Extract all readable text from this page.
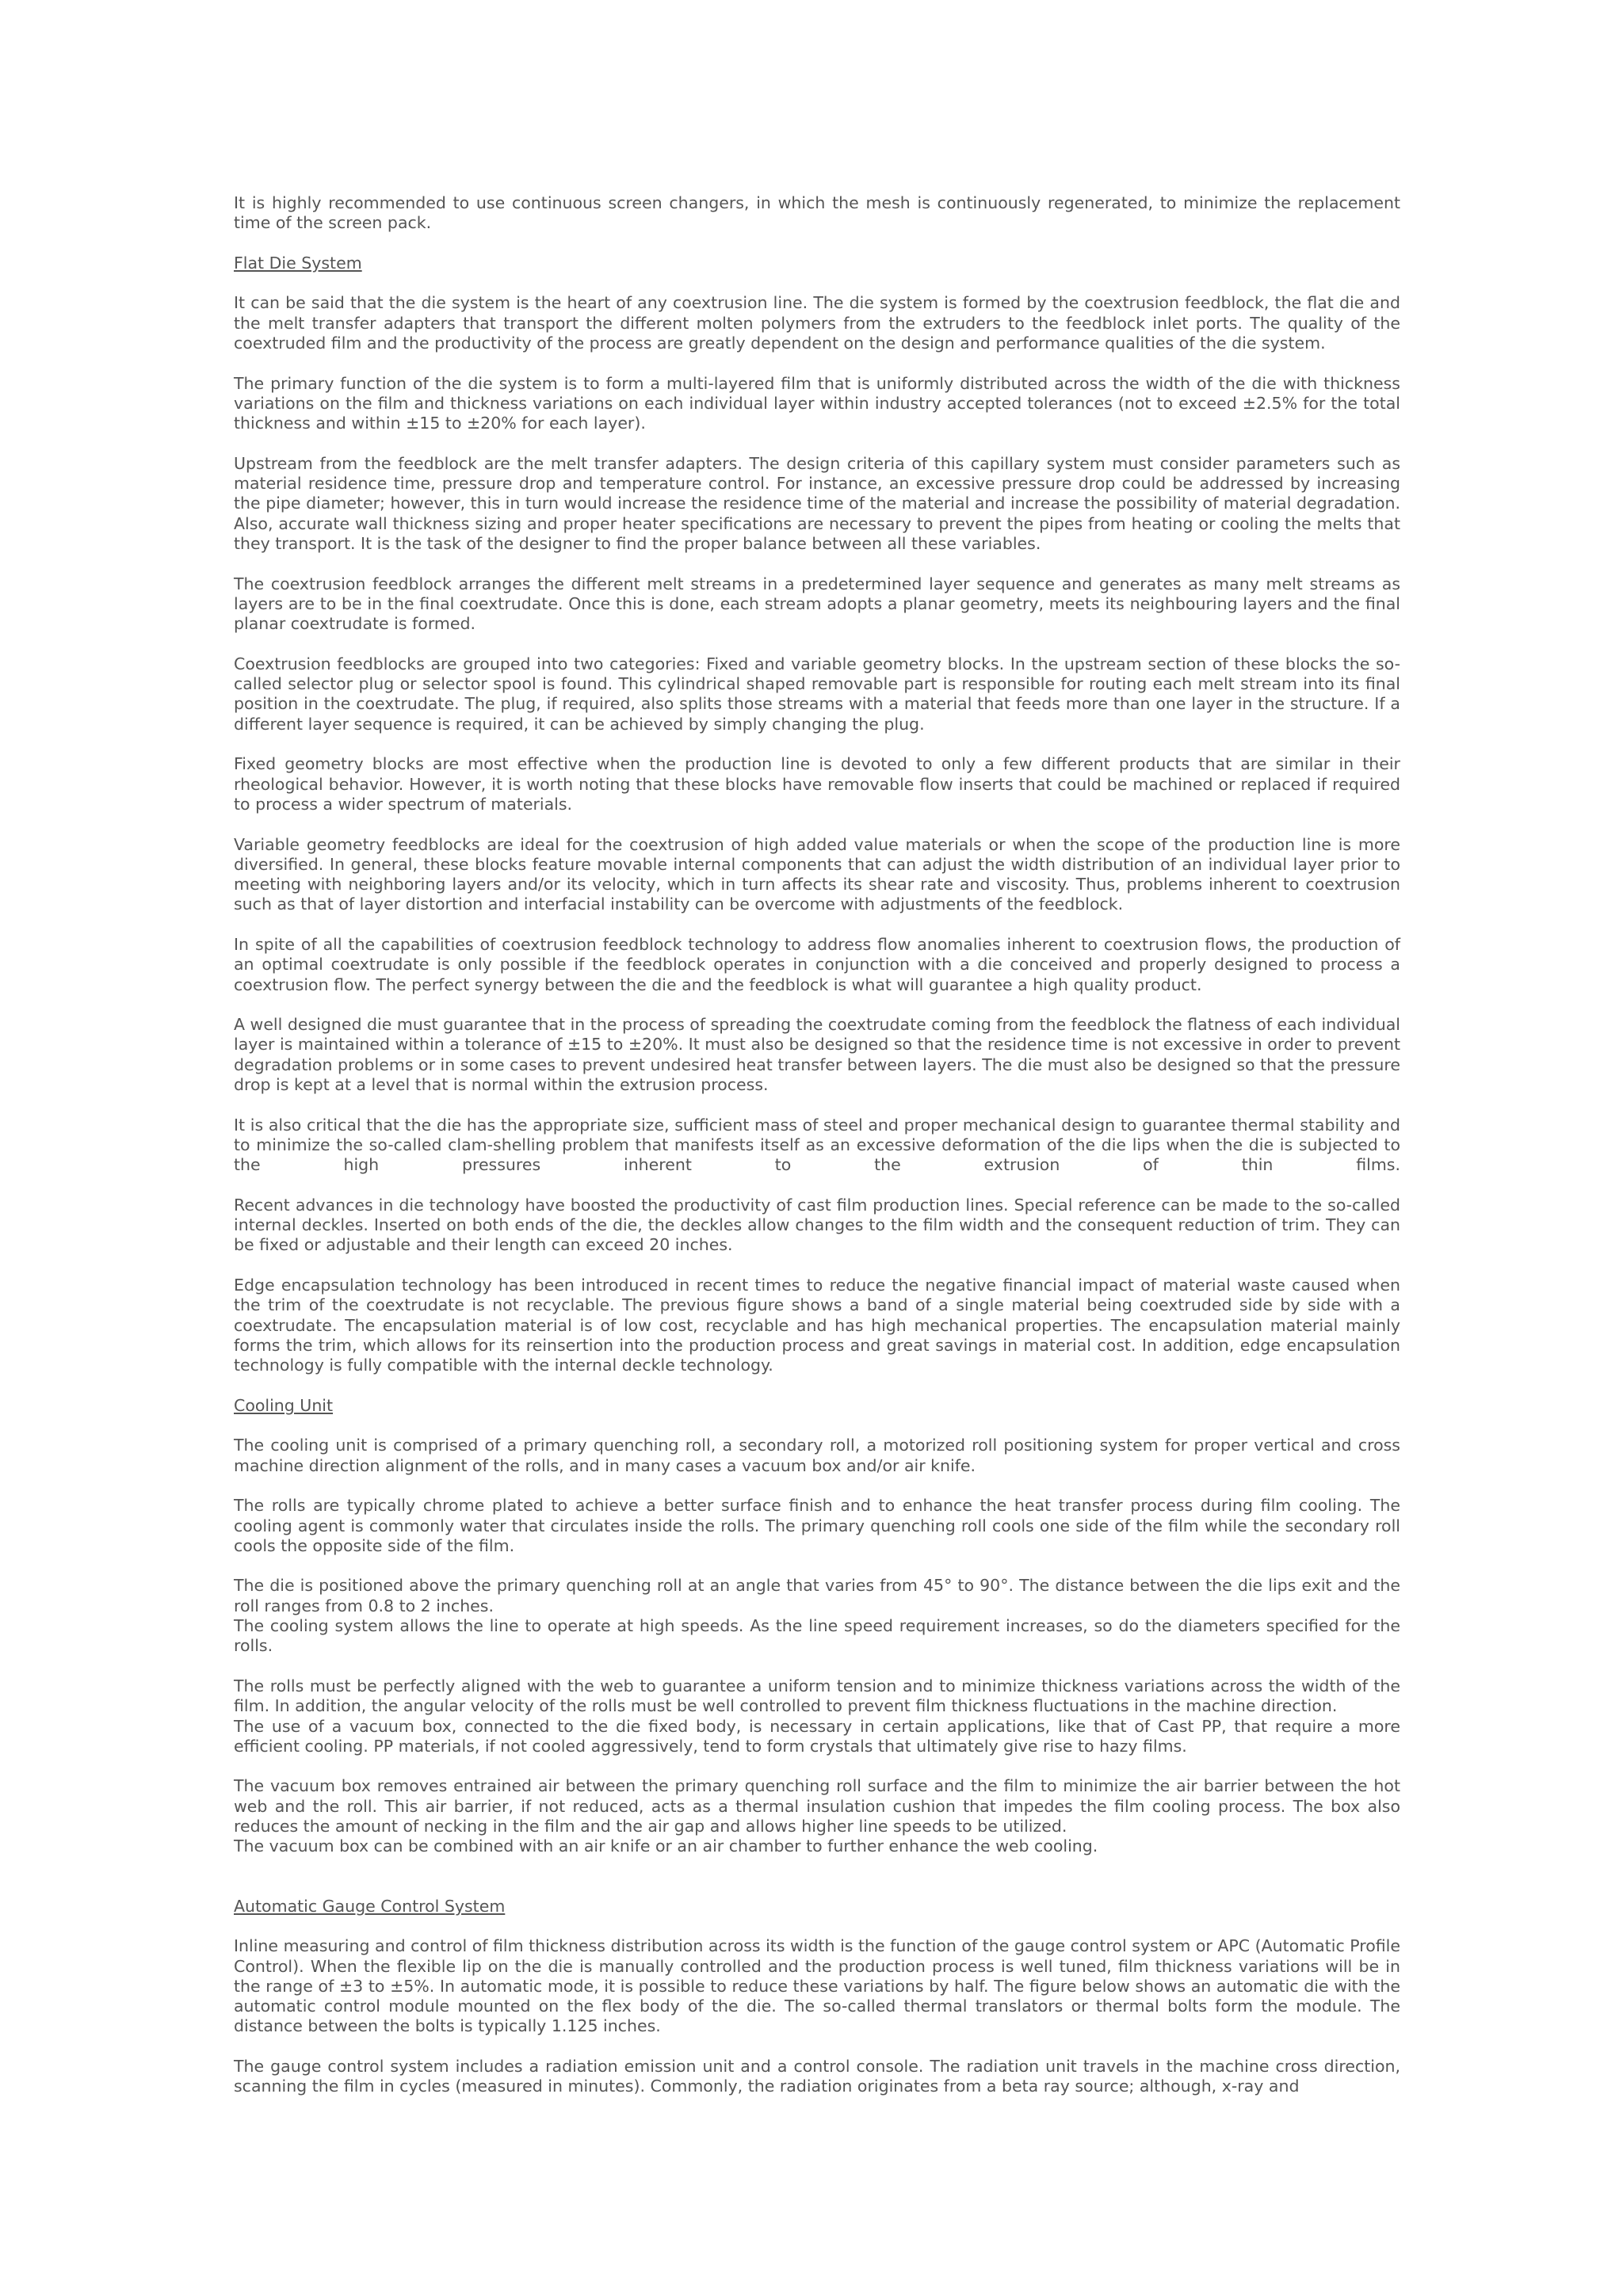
It is highly recommended to use continuous screen changers, in which the mesh is continuously regenerated, to minimize the replacement time of the screen pack.

Flat Die System

It can be said that the die system is the heart of any coextrusion line. The die system is formed by the coextrusion feedblock, the flat die and the melt transfer adapters that transport the different molten polymers from the extruders to the feedblock inlet ports. The quality of the coextruded film and the productivity of the process are greatly dependent on the design and performance qualities of the die system.

The primary function of the die system is to form a multi-layered film that is uniformly distributed across the width of the die with thickness variations on the film and thickness variations on each individual layer within industry accepted tolerances (not to exceed ±2.5% for the total thickness and within ±15 to ±20% for each layer).

Upstream from the feedblock are the melt transfer adapters. The design criteria of this capillary system must consider parameters such as material residence time, pressure drop and temperature control. For instance, an excessive pressure drop could be addressed by increasing the pipe diameter; however, this in turn would increase the residence time of the material and increase the possibility of material degradation. Also, accurate wall thickness sizing and proper heater specifications are necessary to prevent the pipes from heating or cooling the melts that they transport. It is the task of the designer to find the proper balance between all these variables.

The coextrusion feedblock arranges the different melt streams in a predetermined layer sequence and generates as many melt streams as layers are to be in the final coextrudate. Once this is done, each stream adopts a planar geometry, meets its neighbouring layers and the final planar coextrudate is formed.

Coextrusion feedblocks are grouped into two categories: Fixed and variable geometry blocks. In the upstream section of these blocks the so-called selector plug or selector spool is found. This cylindrical shaped removable part is responsible for routing each melt stream into its final position in the coextrudate. The plug, if required, also splits those streams with a material that feeds more than one layer in the structure. If a different layer sequence is required, it can be achieved by simply changing the plug.

Fixed geometry blocks are most effective when the production line is devoted to only a few different products that are similar in their rheological behavior. However, it is worth noting that these blocks have removable flow inserts that could be machined or replaced if required to process a wider spectrum of materials.

Variable geometry feedblocks are ideal for the coextrusion of high added value materials or when the scope of the production line is more diversified. In general, these blocks feature movable internal components that can adjust the width distribution of an individual layer prior to meeting with neighboring layers and/or its velocity, which in turn affects its shear rate and viscosity. Thus, problems inherent to coextrusion such as that of layer distortion and interfacial instability can be overcome with adjustments of the feedblock.

In spite of all the capabilities of coextrusion feedblock technology to address flow anomalies inherent to coextrusion flows, the production of an optimal coextrudate is only possible if the feedblock operates in conjunction with a die conceived and properly designed to process a coextrusion flow. The perfect synergy between the die and the feedblock is what will guarantee a high quality product.

A well designed die must guarantee that in the process of spreading the coextrudate coming from the feedblock the flatness of each individual layer is maintained within a tolerance of ±15 to ±20%. It must also be designed so that the residence time is not excessive in order to prevent degradation problems or in some cases to prevent undesired heat transfer between layers. The die must also be designed so that the pressure drop is kept at a level that is normal within the extrusion process.

It is also critical that the die has the appropriate size, sufficient mass of steel and proper mechanical design to guarantee thermal stability and to minimize the so-called clam-shelling problem that manifests itself as an excessive deformation of the die lips when the die is subjected to the high pressures inherent to the extrusion of thin films.

Recent advances in die technology have boosted the productivity of cast film production lines. Special reference can be made to the so-called internal deckles. Inserted on both ends of the die, the deckles allow changes to the film width and the consequent reduction of trim. They can be fixed or adjustable and their length can exceed 20 inches.

Edge encapsulation technology has been introduced in recent times to reduce the negative financial impact of material waste caused when the trim of the coextrudate is not recyclable. The previous figure shows a band of a single material being coextruded side by side with a coextrudate. The encapsulation material is of low cost, recyclable and has high mechanical properties. The encapsulation material mainly forms the trim, which allows for its reinsertion into the production process and great savings in material cost. In addition, edge encapsulation technology is fully compatible with the internal deckle technology.

Cooling Unit

The cooling unit is comprised of a primary quenching roll, a secondary roll, a motorized roll positioning system for proper vertical and cross machine direction alignment of the rolls, and in many cases a vacuum box and/or air knife.

The rolls are typically chrome plated to achieve a better surface finish and to enhance the heat transfer process during film cooling. The cooling agent is commonly water that circulates inside the rolls. The primary quenching roll cools one side of the film while the secondary roll cools the opposite side of the film.

The die is positioned above the primary quenching roll at an angle that varies from 45° to 90°. The distance between the die lips exit and the roll ranges from 0.8 to 2 inches.

The cooling system allows the line to operate at high speeds. As the line speed requirement increases, so do the diameters specified for the rolls.

The rolls must be perfectly aligned with the web to guarantee a uniform tension and to minimize thickness variations across the width of the film. In addition, the angular velocity of the rolls must be well controlled to prevent film thickness fluctuations in the machine direction.

The use of a vacuum box, connected to the die fixed body, is necessary in certain applications, like that of Cast PP, that require a more efficient cooling. PP materials, if not cooled aggressively, tend to form crystals that ultimately give rise to hazy films.

The vacuum box removes entrained air between the primary quenching roll surface and the film to minimize the air barrier between the hot web and the roll. This air barrier, if not reduced, acts as a thermal insulation cushion that impedes the film cooling process. The box also reduces the amount of necking in the film and the air gap and allows higher line speeds to be utilized.

The vacuum box can be combined with an air knife or an air chamber to further enhance the web cooling.

Automatic Gauge Control System

Inline measuring and control of film thickness distribution across its width is the function of the gauge control system or APC (Automatic Profile Control). When the flexible lip on the die is manually controlled and the production process is well tuned, film thickness variations will be in the range of ±3 to ±5%. In automatic mode, it is possible to reduce these variations by half. The figure below shows an automatic die with the automatic control module mounted on the flex body of the die. The so-called thermal translators or thermal bolts form the module. The distance between the bolts is typically 1.125 inches.

The gauge control system includes a radiation emission unit and a control console. The radiation unit travels in the machine cross direction, scanning the film in cycles (measured in minutes). Commonly, the radiation originates from a beta ray source; although, x-ray and
